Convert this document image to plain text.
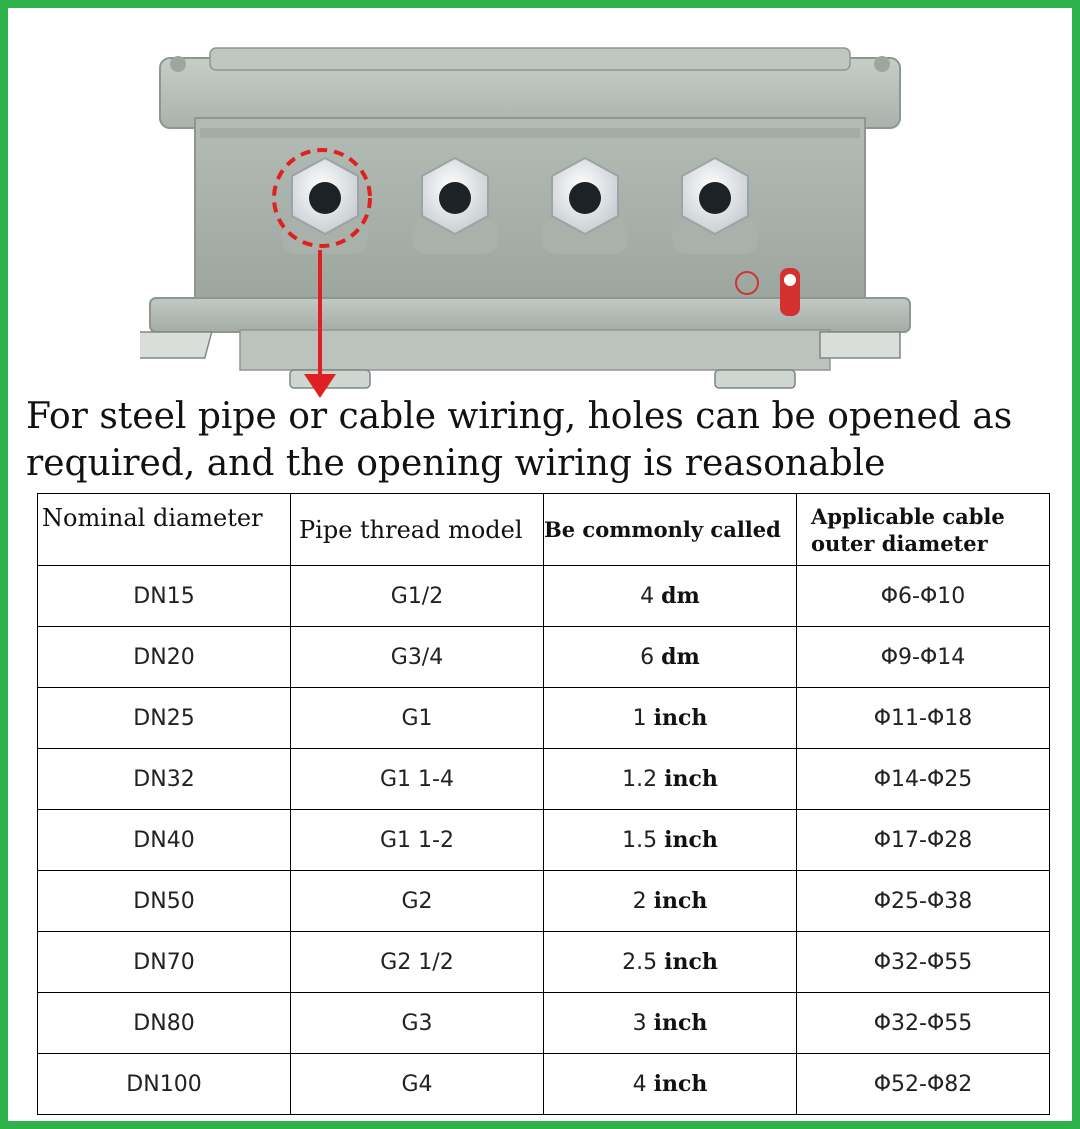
For steel pipe or cable wiring, holes can be opened as
required, and the opening wiring is reasonable
Nominal diameter	Pipe thread model	Be commonly called	Applicable cable
outer diameter

DN15	G1/2	4 dm	Φ6-Φ10
DN20	G3/4	6 dm	Φ9-Φ14
DN25	G1	1 inch	Φ11-Φ18
DN32	G1 1-4	1.2 inch	Φ14-Φ25
DN40	G1 1-2	1.5 inch	Φ17-Φ28
DN50	G2	2 inch	Φ25-Φ38
DN70	G2 1/2	2.5 inch	Φ32-Φ55
DN80	G3	3 inch	Φ32-Φ55
DN100	G4	4 inch	Φ52-Φ82
